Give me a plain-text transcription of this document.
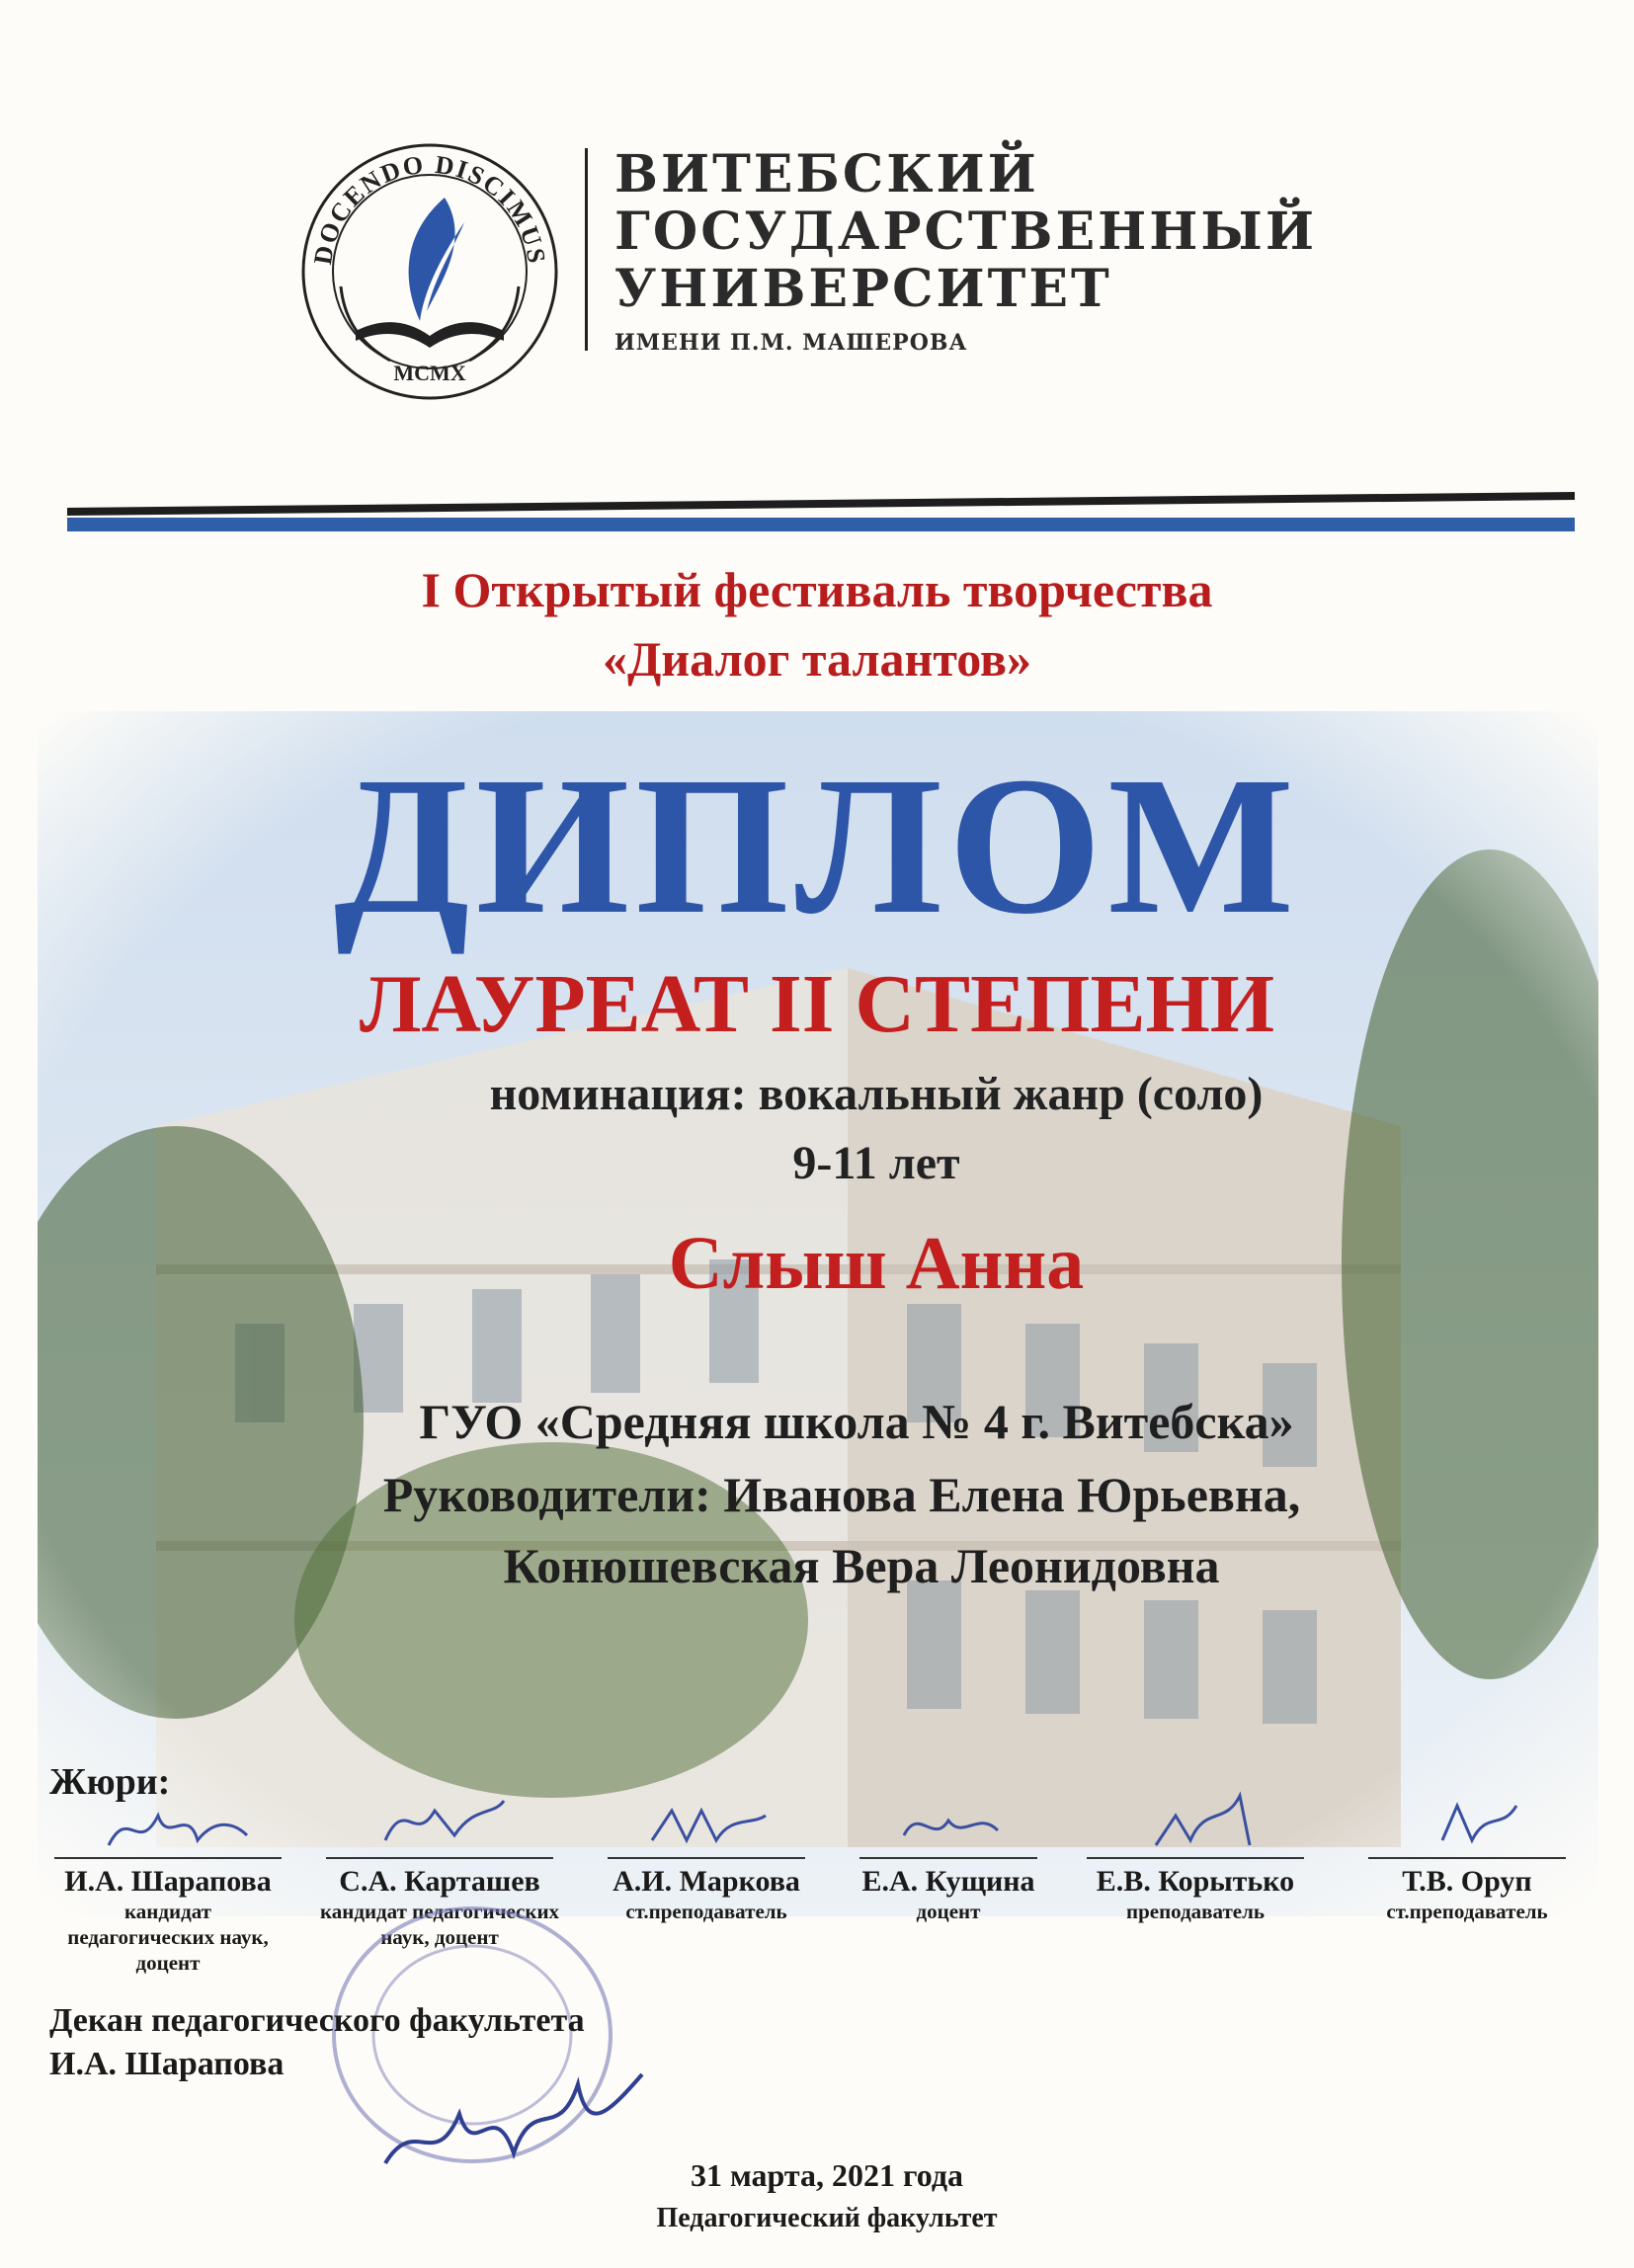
DOCENDO DISCIMUS
MCMX
ВИТЕБСКИЙ
ГОСУДАРСТВЕННЫЙ
УНИВЕРСИТЕТ
ИМЕНИ П.М. МАШЕРОВА
I Открытый фестиваль творчества
«Диалог талантов»
ДИПЛОМ
ЛАУРЕАТ II СТЕПЕНИ
номинация: вокальный жанр (соло)
9-11 лет
Слыш Анна
ГУО «Средняя школа № 4 г. Витебска»
Руководители: Иванова Елена Юрьевна,
Конюшевская Вера Леонидовна
Жюри:
И.А. Шарапова
кандидат педагогических наук, доцент
С.А. Карташев
кандидат педагогических наук, доцент
А.И. Маркова
ст.преподаватель
Е.А. Кущина
доцент
Е.В. Корытько
преподаватель
Т.В. Оруп
ст.преподаватель
Декан педагогического факультета
И.А. Шарапова
31 марта, 2021 года
Педагогический факультет
